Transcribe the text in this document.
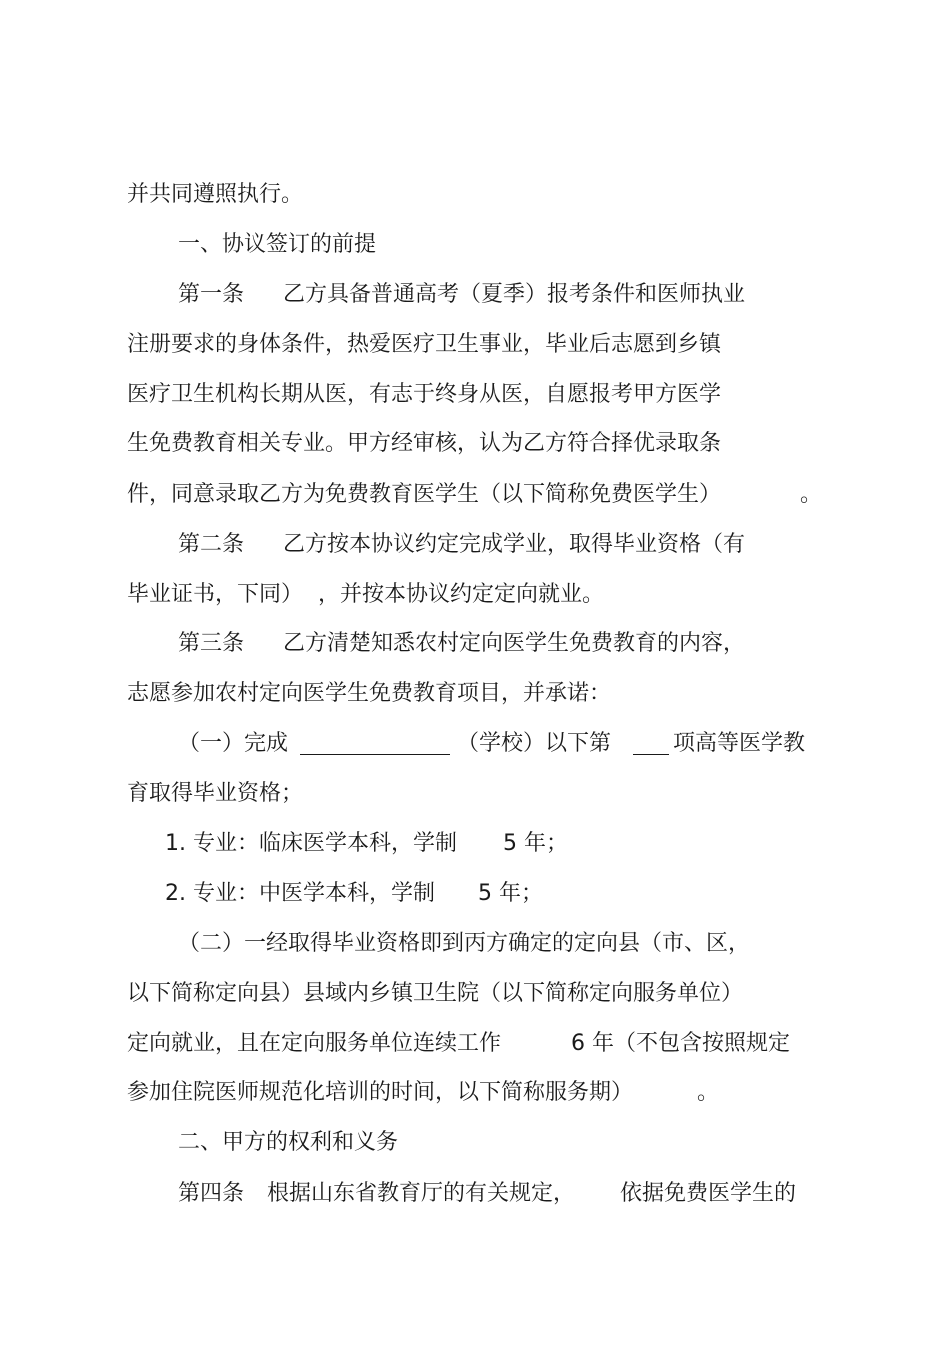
并共同遵照执行。
一、协议签订的前提
第一条 乙方具备普通高考（夏季）报考条件和医师执业
注册要求的身体条件，热爱医疗卫生事业，毕业后志愿到乡镇
医疗卫生机构长期从医，有志于终身从医，自愿报考甲方医学
生免费教育相关专业。甲方经审核，认为乙方符合择优录取条
件，同意录取乙方为免费教育医学生（以下简称免费医学生）	。
第二条 乙方按本协议约定完成学业，取得毕业资格（有
毕业证书，下同） ，并按本协议约定定向就业。
第三条 乙方清楚知悉农村定向医学生免费教育的内容，
志愿参加农村定向医学生免费教育项目，并承诺：
（一）完成	（学校）以下第	项高等医学教
育取得毕业资格；
1. 专业：临床医学本科，学制 5 年；
2. 专业：中医学本科，学制 5 年；
（二）一经取得毕业资格即到丙方确定的定向县（市、区，
以下简称定向县）县域内乡镇卫生院（以下简称定向服务单位）
定向就业，且在定向服务单位连续工作	6 年（不包含按照规定
参加住院医师规范化培训的时间，以下简称服务期）	。
二、甲方的权利和义务
第四条 根据山东省教育厅的有关规定， 依据免费医学生的
